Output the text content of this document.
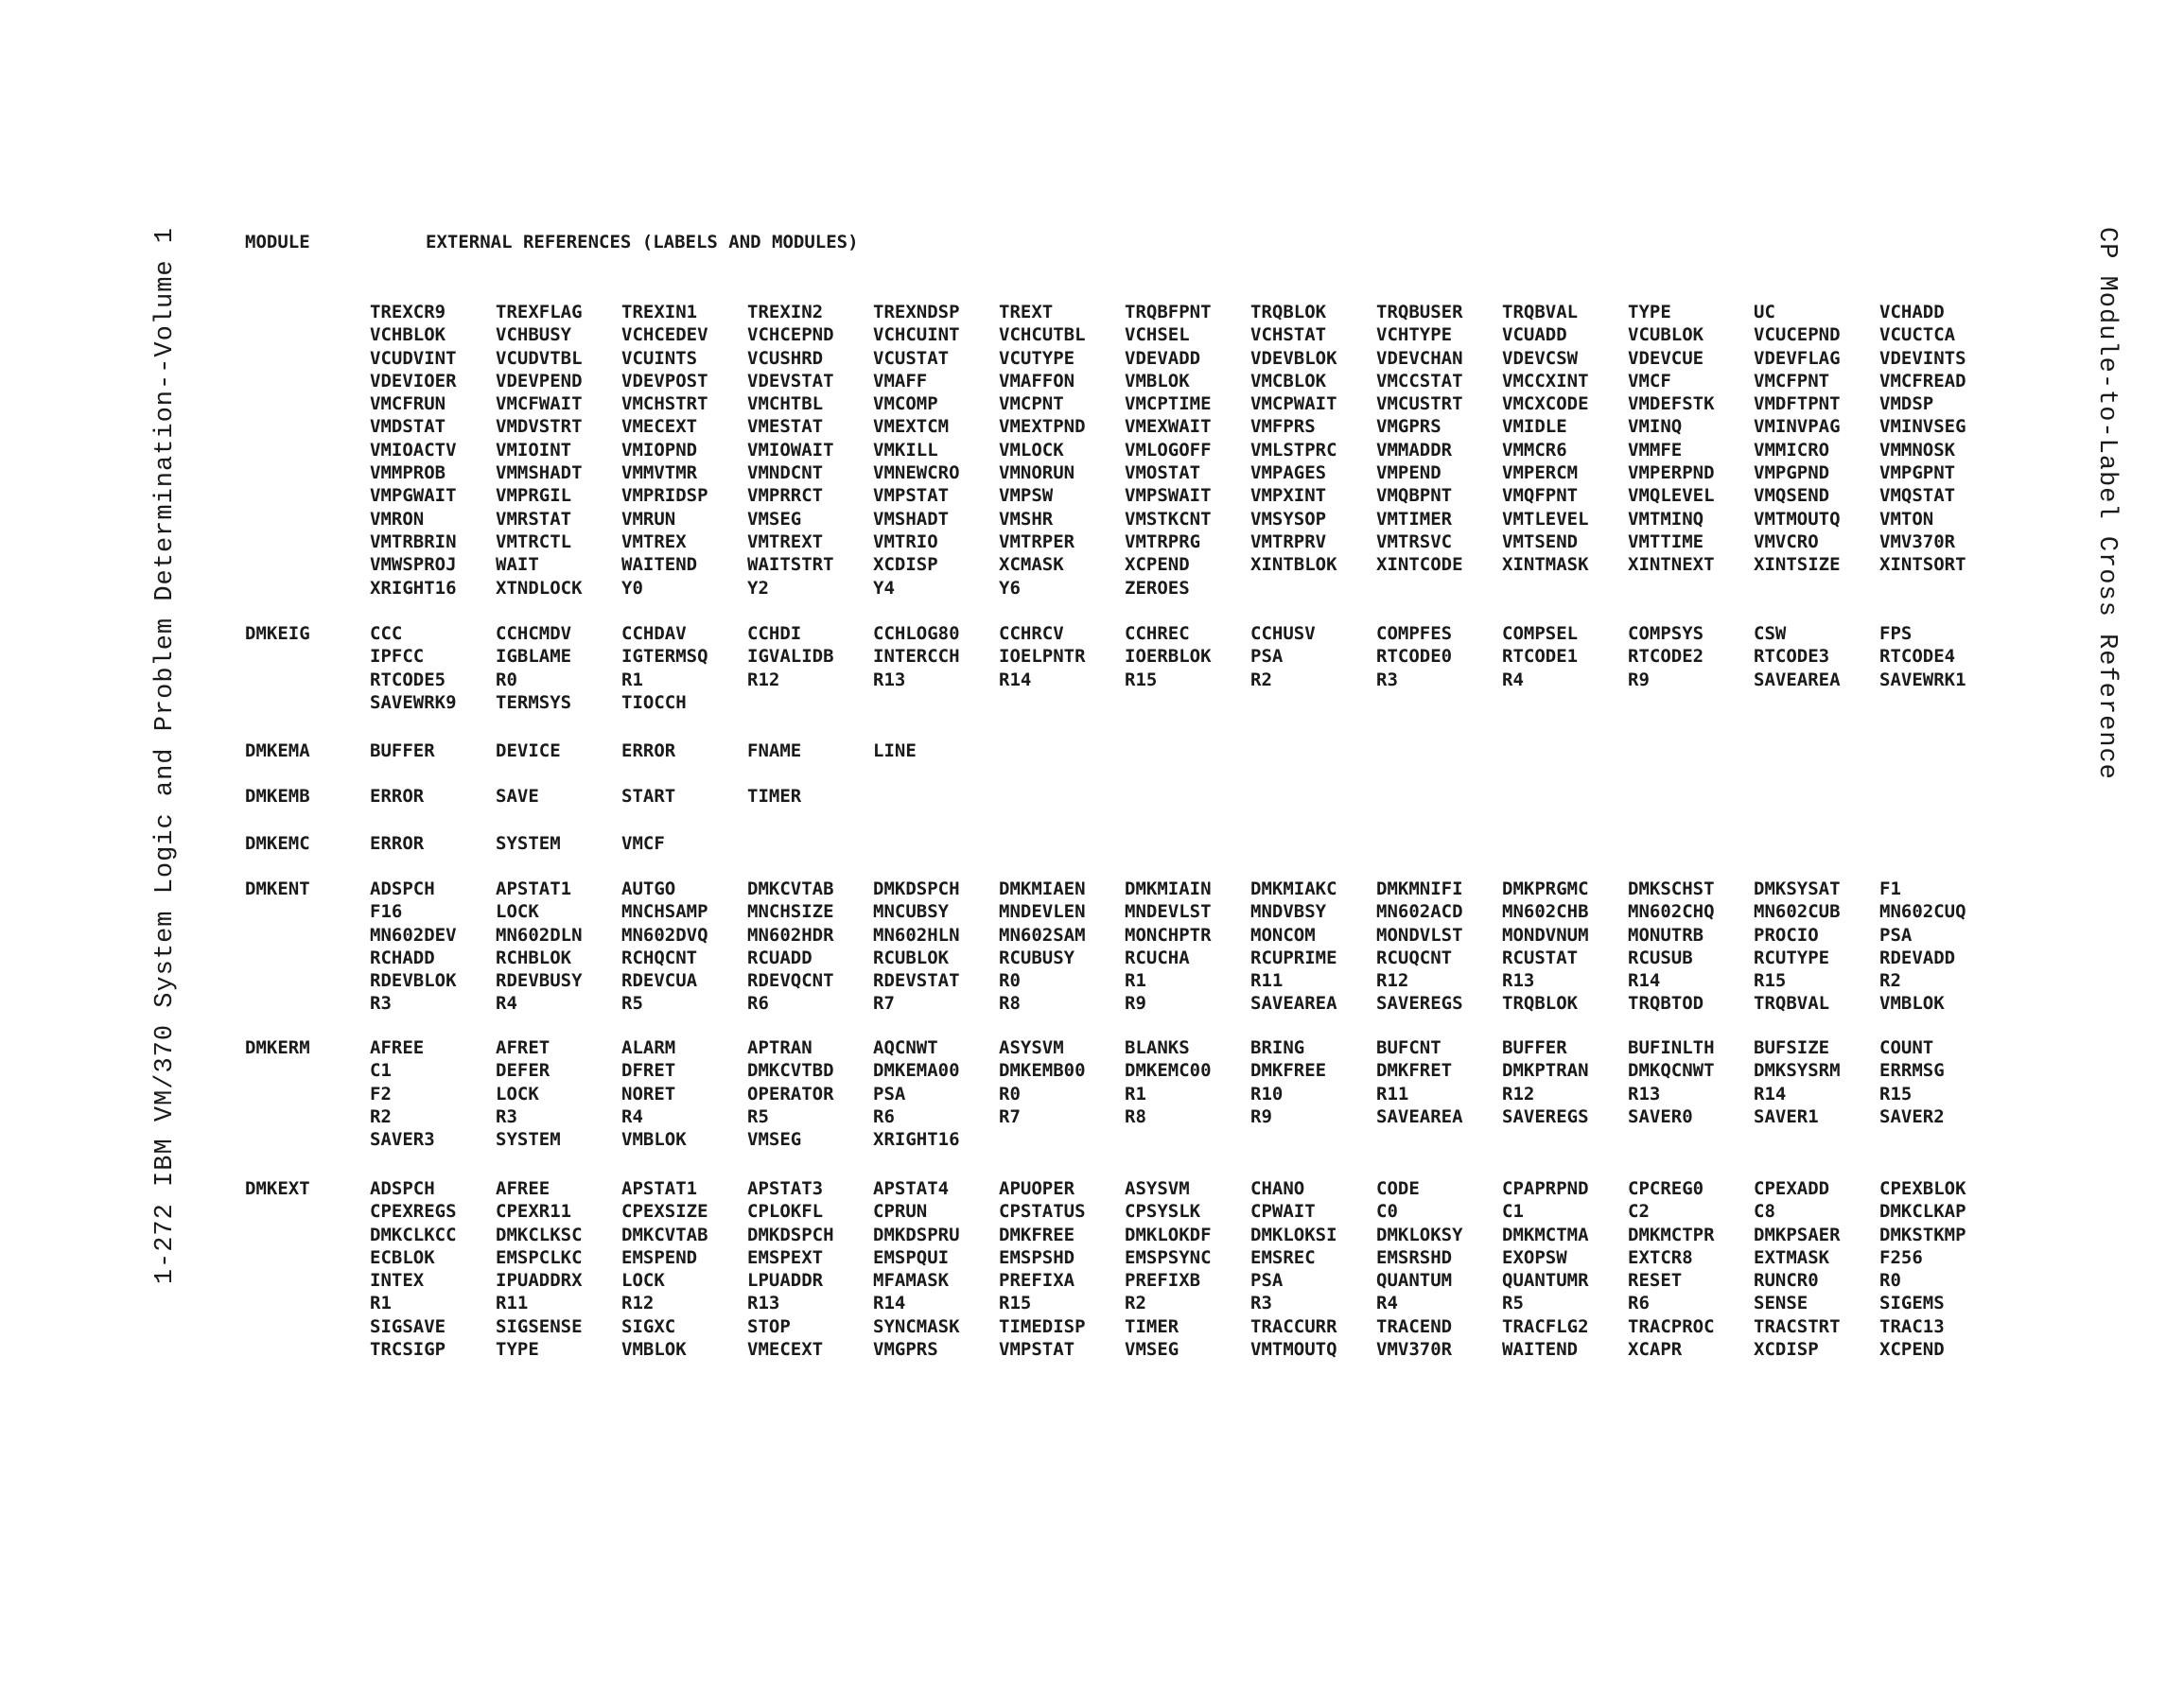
1-272 IBM VM/370 System Logic and Problem Determination--Volume 1	CP Module-to-Label Cross Reference
MODULE	EXTERNAL REFERENCES (LABELS AND MODULES)
TREXCR9	TREXFLAG	TREXIN1	TREXIN2	TREXNDSP	TREXT	TRQBFPNT	TRQBLOK	TRQBUSER	TRQBVAL	TYPE	UC	VCHADD
VCHBLOK	VCHBUSY	VCHCEDEV	VCHCEPND	VCHCUINT	VCHCUTBL	VCHSEL	VCHSTAT	VCHTYPE	VCUADD	VCUBLOK	VCUCEPND	VCUCTCA
VCUDVINT	VCUDVTBL	VCUINTS	VCUSHRD	VCUSTAT	VCUTYPE	VDEVADD	VDEVBLOK	VDEVCHAN	VDEVCSW	VDEVCUE	VDEVFLAG	VDEVINTS
VDEVIOER	VDEVPEND	VDEVPOST	VDEVSTAT	VMAFF	VMAFFON	VMBLOK	VMCBLOK	VMCCSTAT	VMCCXINT	VMCF	VMCFPNT	VMCFREAD
VMCFRUN	VMCFWAIT	VMCHSTRT	VMCHTBL	VMCOMP	VMCPNT	VMCPTIME	VMCPWAIT	VMCUSTRT	VMCXCODE	VMDEFSTK	VMDFTPNT	VMDSP
VMDSTAT	VMDVSTRT	VMECEXT	VMESTAT	VMEXTCM	VMEXTPND	VMEXWAIT	VMFPRS	VMGPRS	VMIDLE	VMINQ	VMINVPAG	VMINVSEG
VMIOACTV	VMIOINT	VMIOPND	VMIOWAIT	VMKILL	VMLOCK	VMLOGOFF	VMLSTPRC	VMMADDR	VMMCR6	VMMFE	VMMICRO	VMMNOSK
VMMPROB	VMMSHADT	VMMVTMR	VMNDCNT	VMNEWCRO	VMNORUN	VMOSTAT	VMPAGES	VMPEND	VMPERCM	VMPERPND	VMPGPND	VMPGPNT
VMPGWAIT	VMPRGIL	VMPRIDSP	VMPRRCT	VMPSTAT	VMPSW	VMPSWAIT	VMPXINT	VMQBPNT	VMQFPNT	VMQLEVEL	VMQSEND	VMQSTAT
VMRON	VMRSTAT	VMRUN	VMSEG	VMSHADT	VMSHR	VMSTKCNT	VMSYSOP	VMTIMER	VMTLEVEL	VMTMINQ	VMTMOUTQ	VMTON
VMTRBRIN	VMTRCTL	VMTREX	VMTREXT	VMTRIO	VMTRPER	VMTRPRG	VMTRPRV	VMTRSVC	VMTSEND	VMTTIME	VMVCRO	VMV370R
VMWSPROJ	WAIT	WAITEND	WAITSTRT	XCDISP	XCMASK	XCPEND	XINTBLOK	XINTCODE	XINTMASK	XINTNEXT	XINTSIZE	XINTSORT
XRIGHT16	XTNDLOCK	Y0	Y2	Y4	Y6	ZEROES
DMKEIG	CCC	CCHCMDV	CCHDAV	CCHDI	CCHLOG80	CCHRCV	CCHREC	CCHUSV	COMPFES	COMPSEL	COMPSYS	CSW	FPS
IPFCC	IGBLAME	IGTERMSQ	IGVALIDB	INTERCCH	IOELPNTR	IOERBLOK	PSA	RTCODE0	RTCODE1	RTCODE2	RTCODE3	RTCODE4
RTCODE5	R0	R1	R12	R13	R14	R15	R2	R3	R4	R9	SAVEAREA	SAVEWRK1
SAVEWRK9	TERMSYS	TIOCCH
DMKEMA	BUFFER	DEVICE	ERROR	FNAME	LINE
DMKEMB	ERROR	SAVE	START	TIMER
DMKEMC	ERROR	SYSTEM	VMCF
DMKENT	ADSPCH	APSTAT1	AUTGO	DMKCVTAB	DMKDSPCH	DMKMIAEN	DMKMIAIN	DMKMIAKC	DMKMNIFI	DMKPRGMC	DMKSCHST	DMKSYSAT	F1
F16	LOCK	MNCHSAMP	MNCHSIZE	MNCUBSY	MNDEVLEN	MNDEVLST	MNDVBSY	MN602ACD	MN602CHB	MN602CHQ	MN602CUB	MN602CUQ
MN602DEV	MN602DLN	MN602DVQ	MN602HDR	MN602HLN	MN602SAM	MONCHPTR	MONCOM	MONDVLST	MONDVNUM	MONUTRB	PROCIO	PSA
RCHADD	RCHBLOK	RCHQCNT	RCUADD	RCUBLOK	RCUBUSY	RCUCHA	RCUPRIME	RCUQCNT	RCUSTAT	RCUSUB	RCUTYPE	RDEVADD
RDEVBLOK	RDEVBUSY	RDEVCUA	RDEVQCNT	RDEVSTAT	R0	R1	R11	R12	R13	R14	R15	R2
R3	R4	R5	R6	R7	R8	R9	SAVEAREA	SAVEREGS	TRQBLOK	TRQBTOD	TRQBVAL	VMBLOK
DMKERM	AFREE	AFRET	ALARM	APTRAN	AQCNWT	ASYSVM	BLANKS	BRING	BUFCNT	BUFFER	BUFINLTH	BUFSIZE	COUNT
C1	DEFER	DFRET	DMKCVTBD	DMKEMA00	DMKEMB00	DMKEMC00	DMKFREE	DMKFRET	DMKPTRAN	DMKQCNWT	DMKSYSRM	ERRMSG
F2	LOCK	NORET	OPERATOR	PSA	R0	R1	R10	R11	R12	R13	R14	R15
R2	R3	R4	R5	R6	R7	R8	R9	SAVEAREA	SAVEREGS	SAVER0	SAVER1	SAVER2
SAVER3	SYSTEM	VMBLOK	VMSEG	XRIGHT16
DMKEXT	ADSPCH	AFREE	APSTAT1	APSTAT3	APSTAT4	APUOPER	ASYSVM	CHANO	CODE	CPAPRPND	CPCREG0	CPEXADD	CPEXBLOK
CPEXREGS	CPEXR11	CPEXSIZE	CPLOKFL	CPRUN	CPSTATUS	CPSYSLK	CPWAIT	C0	C1	C2	C8	DMKCLKAP
DMKCLKCC	DMKCLKSC	DMKCVTAB	DMKDSPCH	DMKDSPRU	DMKFREE	DMKLOKDF	DMKLOKSI	DMKLOKSY	DMKMCTMA	DMKMCTPR	DMKPSAER	DMKSTKMP
ECBLOK	EMSPCLKC	EMSPEND	EMSPEXT	EMSPQUI	EMSPSHD	EMSPSYNC	EMSREC	EMSRSHD	EXOPSW	EXTCR8	EXTMASK	F256
INTEX	IPUADDRX	LOCK	LPUADDR	MFAMASK	PREFIXA	PREFIXB	PSA	QUANTUM	QUANTUMR	RESET	RUNCR0	R0
R1	R11	R12	R13	R14	R15	R2	R3	R4	R5	R6	SENSE	SIGEMS
SIGSAVE	SIGSENSE	SIGXC	STOP	SYNCMASK	TIMEDISP	TIMER	TRACCURR	TRACEND	TRACFLG2	TRACPROC	TRACSTRT	TRAC13
TRCSIGP	TYPE	VMBLOK	VMECEXT	VMGPRS	VMPSTAT	VMSEG	VMTMOUTQ	VMV370R	WAITEND	XCAPR	XCDISP	XCPEND
